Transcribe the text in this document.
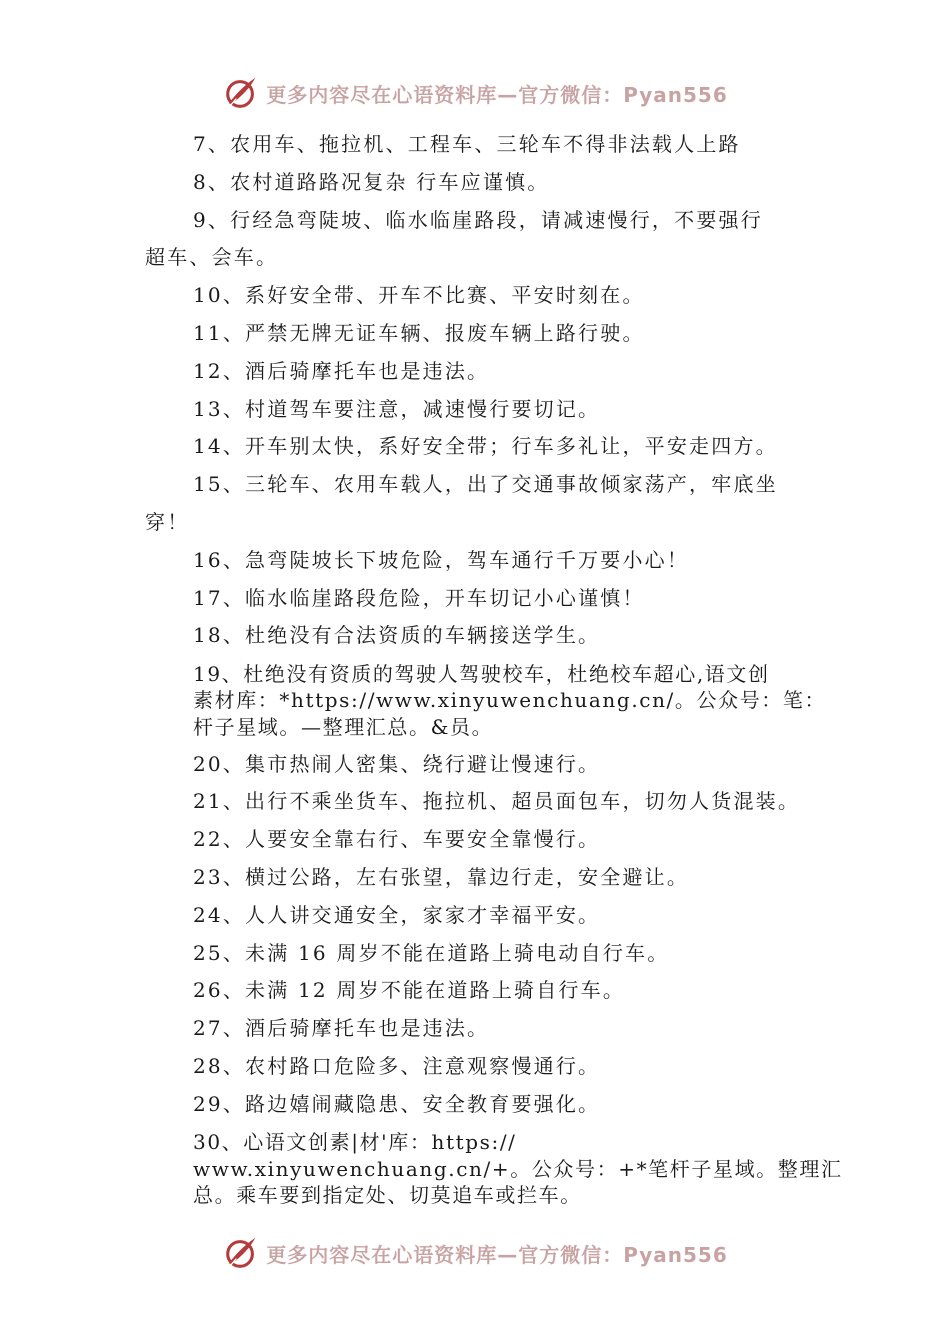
更多内容尽在心语资料库—官方微信：Pyan556

7、农用车、拖拉机、工程车、三轮车不得非法载人上路

8、农村道路路况复杂 行车应谨慎。

9、行经急弯陡坡、临水临崖路段，请减速慢行，不要强行

超车、会车。

10、系好安全带、开车不比赛、平安时刻在。

11、严禁无牌无证车辆、报废车辆上路行驶。

12、酒后骑摩托车也是违法。

13、村道驾车要注意，减速慢行要切记。

14、开车别太快，系好安全带；行车多礼让，平安走四方。

15、三轮车、农用车载人，出了交通事故倾家荡产，牢底坐

穿！

16、急弯陡坡长下坡危险，驾车通行千万要小心！

17、临水临崖路段危险，开车切记小心谨慎！

18、杜绝没有合法资质的车辆接送学生。

19、杜绝没有资质的驾驶人驾驶校车，杜绝校车超心,语文创

素材库：*https://www.xinyuwenchuang.cn/。公众号：笔：

杆子星域。—整理汇总。&员。

20、集市热闹人密集、绕行避让慢速行。

21、出行不乘坐货车、拖拉机、超员面包车，切勿人货混装。

22、人要安全靠右行、车要安全靠慢行。

23、横过公路，左右张望，靠边行走，安全避让。

24、人人讲交通安全，家家才幸福平安。

25、未满 16 周岁不能在道路上骑电动自行车。

26、未满 12 周岁不能在道路上骑自行车。

27、酒后骑摩托车也是违法。

28、农村路口危险多、注意观察慢通行。

29、路边嬉闹藏隐患、安全教育要强化。

30、心语文创素|材'库：https://

www.xinyuwenchuang.cn/+。公众号：+*笔杆子星域。整理汇

总。乘车要到指定处、切莫追车或拦车。

更多内容尽在心语资料库—官方微信：Pyan556
